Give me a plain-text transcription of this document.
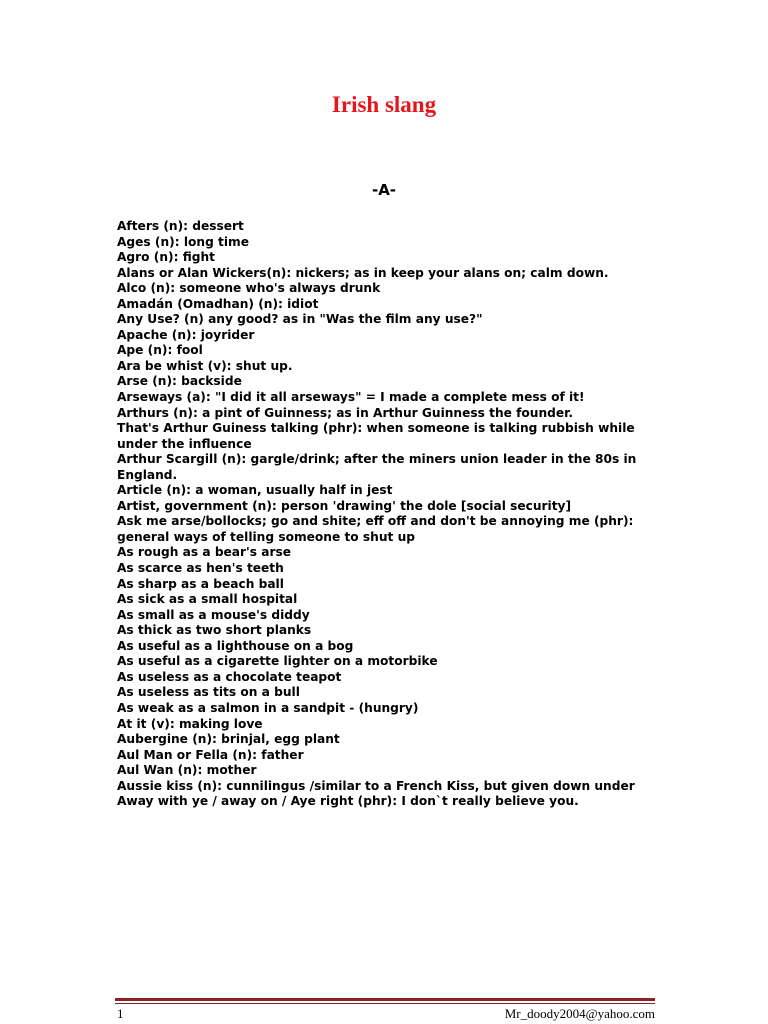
Irish slang
-A-
Afters (n): dessert
Ages (n): long time
Agro (n): fight
Alans or Alan Wickers(n): nickers; as in keep your alans on; calm down.
Alco (n): someone who's always drunk
Amadán (Omadhan) (n): idiot
Any Use? (n) any good? as in "Was the film any use?"
Apache (n): joyrider
Ape (n): fool
Ara be whist (v): shut up.
Arse (n): backside
Arseways (a): "I did it all arseways" = I made a complete mess of it!
Arthurs (n): a pint of Guinness; as in Arthur Guinness the founder.
That's Arthur Guiness talking (phr): when someone is talking rubbish while under the influence
Arthur Scargill (n): gargle/drink; after the miners union leader in the 80s in England.
Article (n): a woman, usually half in jest
Artist, government (n): person 'drawing' the dole [social security]
Ask me arse/bollocks; go and shite; eff off and don't be annoying me (phr): general ways of telling someone to shut up
As rough as a bear's arse
As scarce as hen's teeth
As sharp as a beach ball
As sick as a small hospital
As small as a mouse's diddy
As thick as two short planks
As useful as a lighthouse on a bog
As useful as a cigarette lighter on a motorbike
As useless as a chocolate teapot
As useless as tits on a bull
As weak as a salmon in a sandpit - (hungry)
At it (v): making love
Aubergine (n): brinjal, egg plant
Aul Man or Fella (n): father
Aul Wan (n): mother
Aussie kiss (n): cunnilingus /similar to a French Kiss, but given down under
Away with ye / away on / Aye right (phr): I don`t really believe you.
1	Mr_doody2004@yahoo.com
